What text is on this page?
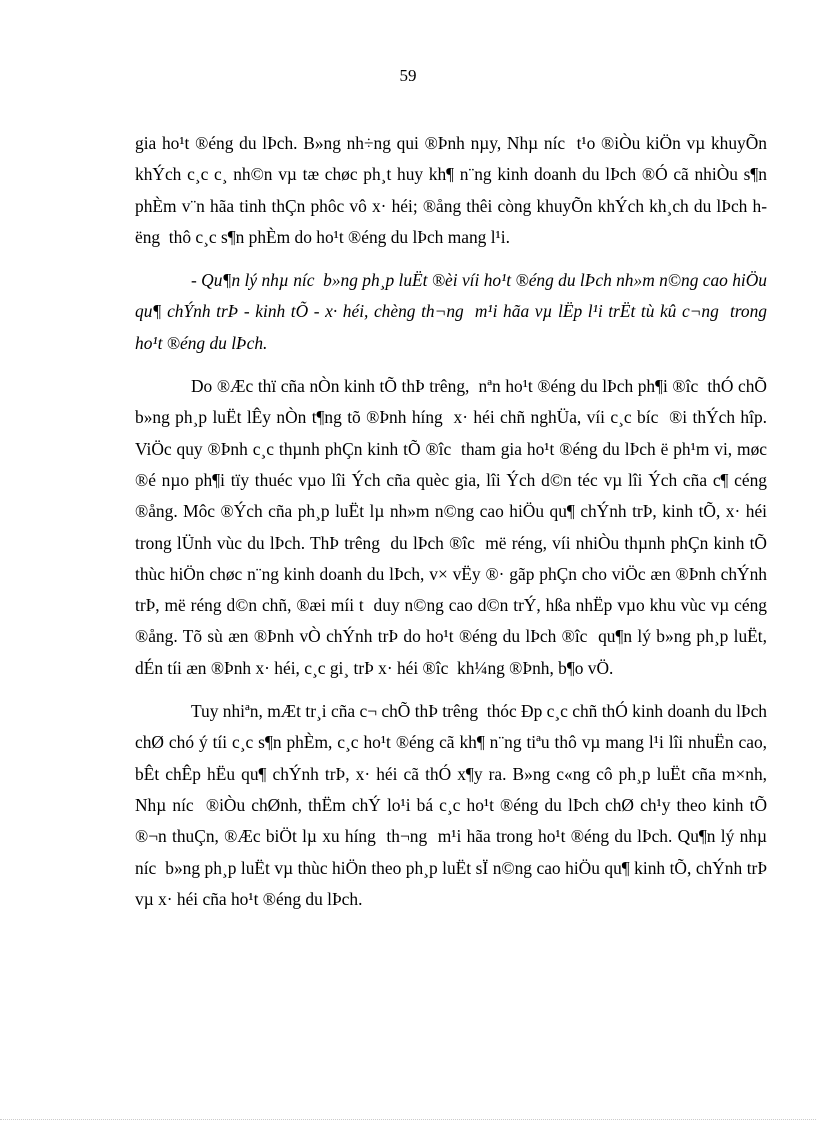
59

gia ho¹t ®éng du lÞch. B»ng nh÷ng qui ®Þnh nµy, Nhµ níc  t¹o ®iÒu kiÖn vµ khuyÕn khÝch c¸c c¸ nh©n vµ tæ chøc ph¸t huy kh¶ n¨ng kinh doanh du lÞch ®Ó cã nhiÒu s¶n phÈm v¨n hãa tinh thÇn phôc vô x· héi; ®ång thêi còng khuyÕn khÝch kh¸ch du lÞch hëng  thô c¸c s¶n phÈm do ho¹t ®éng du lÞch mang l¹i.

- Qu¶n lý nhµ níc  b»ng ph¸p luËt ®èi víi ho¹t ®éng du lÞch nh»m n©ng cao hiÖu qu¶ chÝnh trÞ - kinh tÕ - x· héi, chèng th¬ng  m¹i hãa vµ lËp l¹i trËt tù kû c¬ng  trong ho¹t ®éng du lÞch.

Do ®Æc thï cña nÒn kinh tÕ thÞ trêng,  nªn ho¹t ®éng du lÞch ph¶i ®îc  thÓ chÕ b»ng ph¸p luËt lÊy nÒn t¶ng tõ ®Þnh híng  x· héi chñ nghÜa, víi c¸c bíc  ®i thÝch hîp. ViÖc quy ®Þnh c¸c thµnh phÇn kinh tÕ ®îc  tham gia ho¹t ®éng du lÞch ë ph¹m vi, møc ®é nµo ph¶i tïy thuéc vµo lîi Ých cña quèc gia, lîi Ých d©n téc vµ lîi Ých cña c¶ céng ®ång. Môc ®Ých cña ph¸p luËt lµ nh»m n©ng cao hiÖu qu¶ chÝnh trÞ, kinh tÕ, x· héi trong lÜnh vùc du lÞch. ThÞ trêng  du lÞch ®îc  më réng, víi nhiÒu thµnh phÇn kinh tÕ thùc hiÖn chøc n¨ng kinh doanh du lÞch, v× vËy ®· gãp phÇn cho viÖc æn ®Þnh chÝnh trÞ, më réng d©n chñ, ®æi míi t  duy n©ng cao d©n trÝ, hßa nhËp vµo khu vùc vµ céng ®ång. Tõ sù æn ®Þnh vÒ chÝnh trÞ do ho¹t ®éng du lÞch ®îc  qu¶n lý b»ng ph¸p luËt, dÉn tíi æn ®Þnh x· héi, c¸c gi¸ trÞ x· héi ®îc  kh¼ng ®Þnh, b¶o vÖ.

Tuy nhiªn, mÆt tr¸i cña c¬ chÕ thÞ trêng  thóc Ðp c¸c chñ thÓ kinh doanh du lÞch chØ chó ý tíi c¸c s¶n phÈm, c¸c ho¹t ®éng cã kh¶ n¨ng tiªu thô vµ mang l¹i lîi nhuËn cao, bÊt chÊp hËu qu¶ chÝnh trÞ, x· héi cã thÓ x¶y ra. B»ng c«ng cô ph¸p luËt cña m×nh, Nhµ níc  ®iÒu chØnh, thËm chÝ lo¹i bá c¸c ho¹t ®éng du lÞch chØ ch¹y theo kinh tÕ ®¬n thuÇn, ®Æc biÖt lµ xu híng  th¬ng  m¹i hãa trong ho¹t ®éng du lÞch. Qu¶n lý nhµ níc  b»ng ph¸p luËt vµ thùc hiÖn theo ph¸p luËt sÏ n©ng cao hiÖu qu¶ kinh tÕ, chÝnh trÞ vµ x· héi cña ho¹t ®éng du lÞch.
